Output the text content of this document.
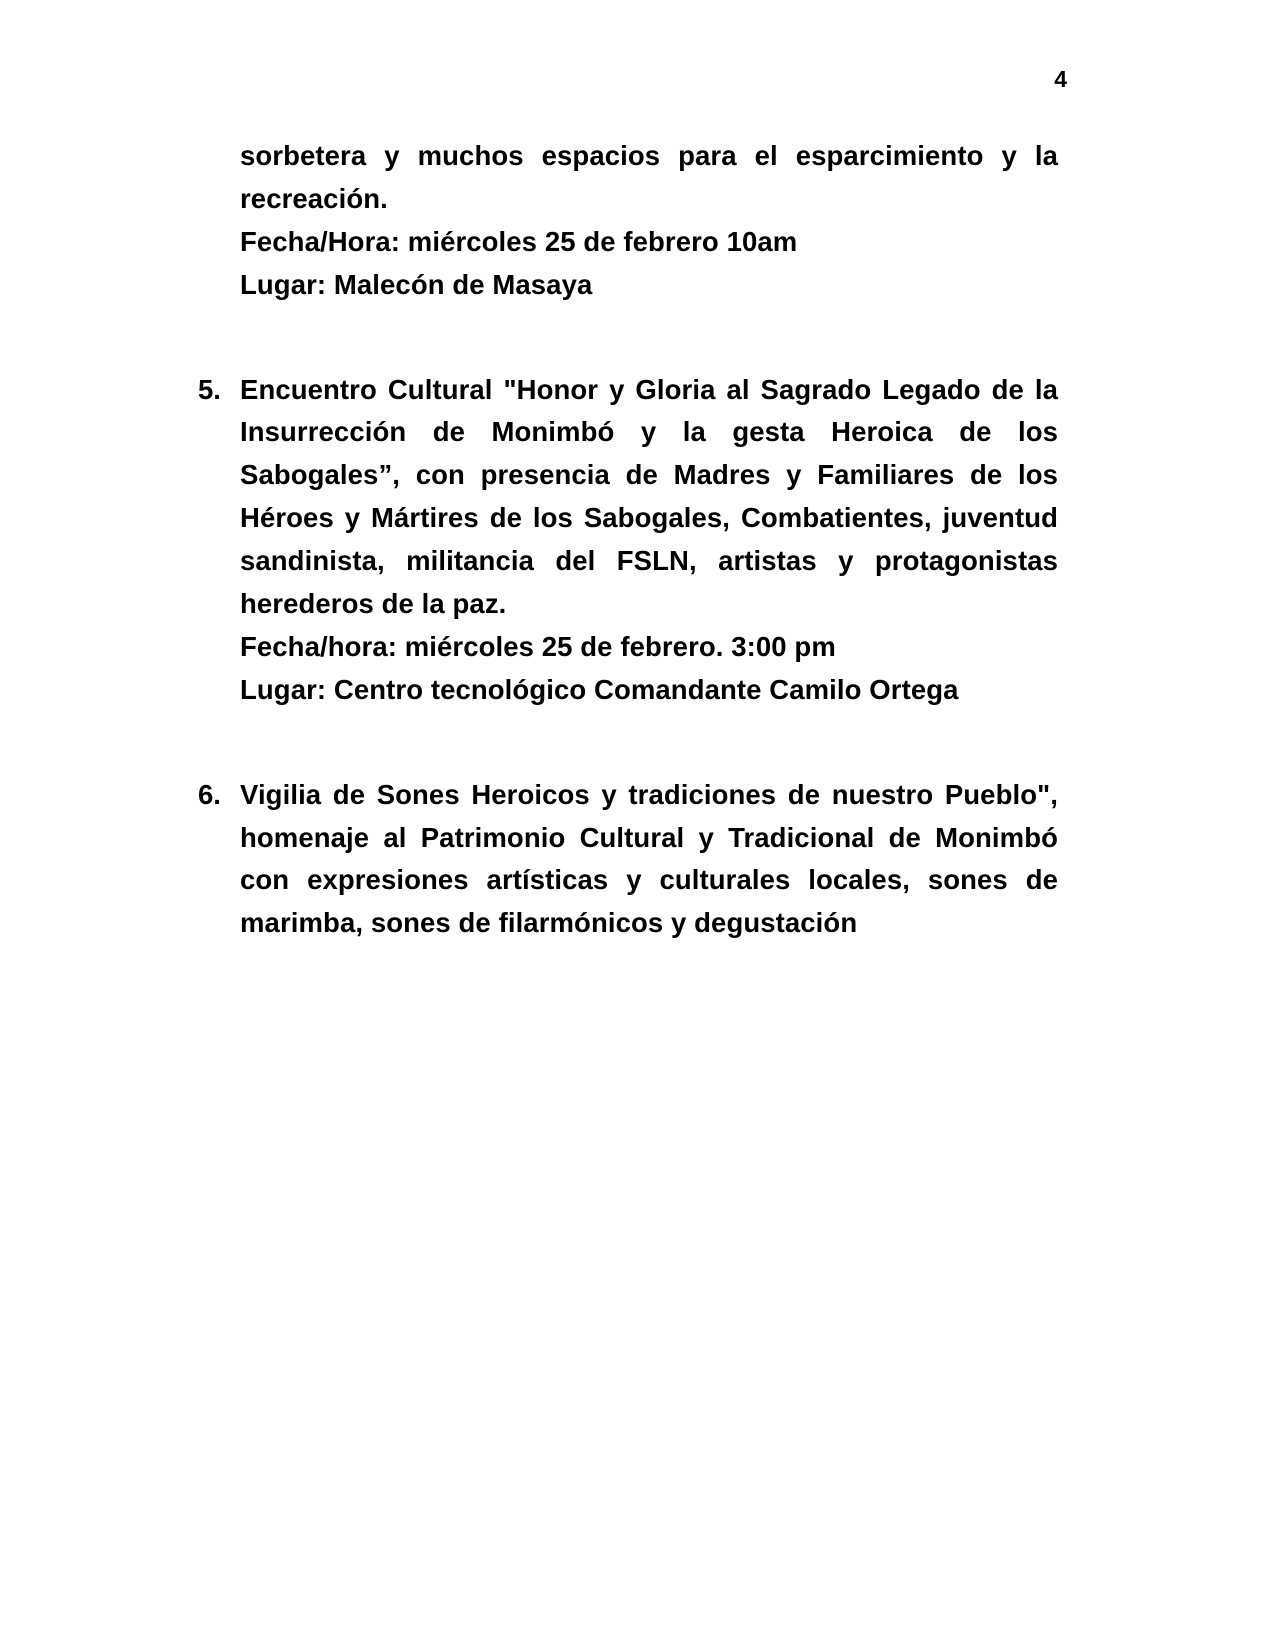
4

sorbetera y muchos espacios para el esparcimiento y la recreación.

Fecha/Hora: miércoles 25 de febrero 10am

Lugar: Malecón de Masaya

5. Encuentro Cultural "Honor y Gloria al Sagrado Legado de la Insurrección de Monimbó y la gesta Heroica de los Sabogales”, con presencia de Madres y Familiares de los Héroes y Mártires de los Sabogales, Combatientes, juventud sandinista, militancia del FSLN, artistas y protagonistas herederos de la paz.

Fecha/hora: miércoles 25 de febrero. 3:00 pm

Lugar: Centro tecnológico Comandante Camilo Ortega

6. Vigilia de Sones Heroicos y tradiciones de nuestro Pueblo", homenaje al Patrimonio Cultural y Tradicional de Monimbó con expresiones artísticas y culturales locales, sones de marimba, sones de filarmónicos y degustación
